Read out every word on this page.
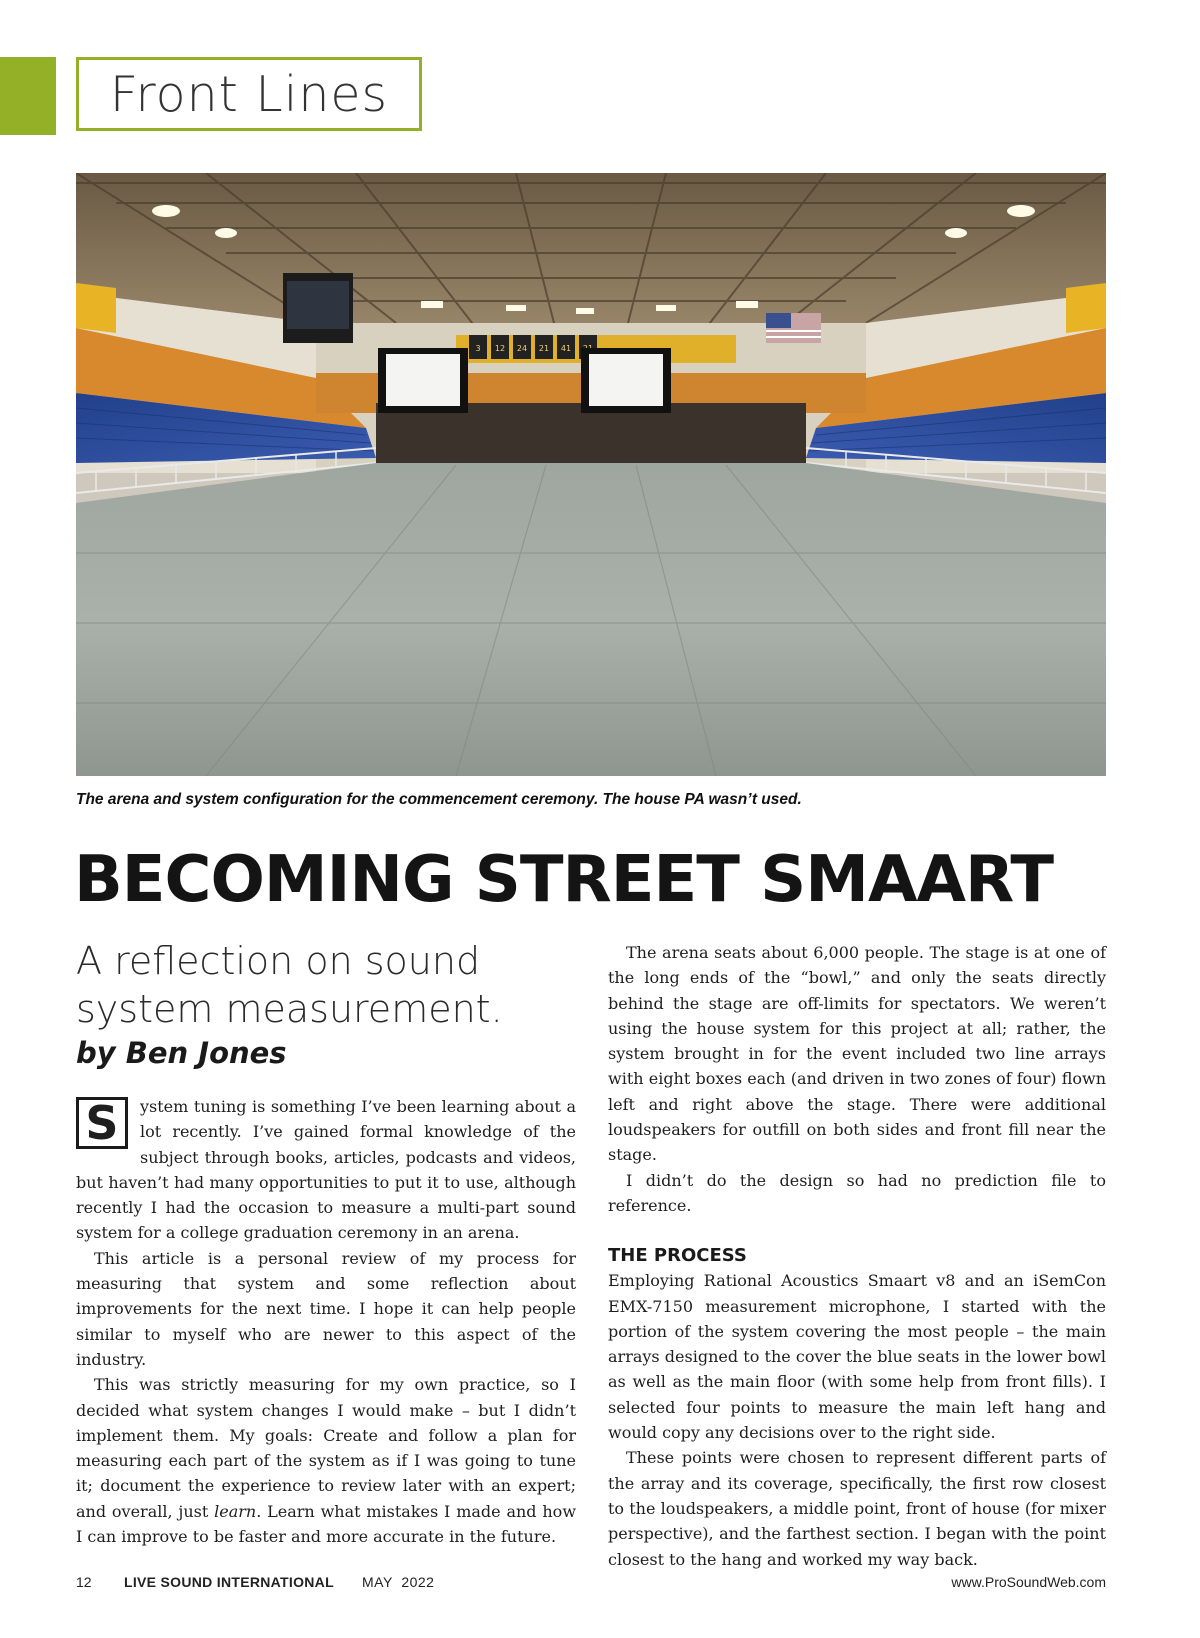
Front Lines
3 12 24 21 41
The arena and system configuration for the commencement ceremony. The house PA wasn’t used.
BECOMING STREET SMAART
A reflection on sound system measurement.
by Ben Jones

S	ystem tuning is something I’ve been learning about a lot recently. I’ve gained formal knowledge of the subject through books, articles, podcasts and videos, but haven’t had many opportunities to put it to use, although recently I had the occasion to measure a multi-part sound system for a college graduation ceremony in an arena.

This article is a personal review of my process for measuring that system and some reflection about improvements for the next time. I hope it can help people similar to myself who are newer to this aspect of the industry.

This was strictly measuring for my own practice, so I decided what system changes I would make – but I didn’t implement them. My goals: Create and follow a plan for measuring each part of the system as if I was going to tune it; document the experience to review later with an expert; and overall, just learn. Learn what mistakes I made and how I can improve to be faster and more accurate in the future.

The arena seats about 6,000 people. The stage is at one of the long ends of the “bowl,” and only the seats directly behind the stage are off-limits for spectators. We weren’t using the house system for this project at all; rather, the system brought in for the event included two line arrays with eight boxes each (and driven in two zones of four) flown left and right above the stage. There were additional loudspeakers for outfill on both sides and front fill near the stage.

I didn’t do the design so had no prediction file to reference.

THE PROCESS

Employing Rational Acoustics Smaart v8 and an iSemCon EMX-7150 measurement microphone, I started with the portion of the system covering the most people – the main arrays designed to the cover the blue seats in the lower bowl as well as the main floor (with some help from front fills). I selected four points to measure the main left hang and would copy any decisions over to the right side.

These points were chosen to represent different parts of the array and its coverage, specifically, the first row closest to the loudspeakers, a middle point, front of house (for mixer perspective), and the farthest section. I began with the point closest to the hang and worked my way back.

12 LIVE SOUND INTERNATIONAL MAY  2022	www.ProSoundWeb.com
